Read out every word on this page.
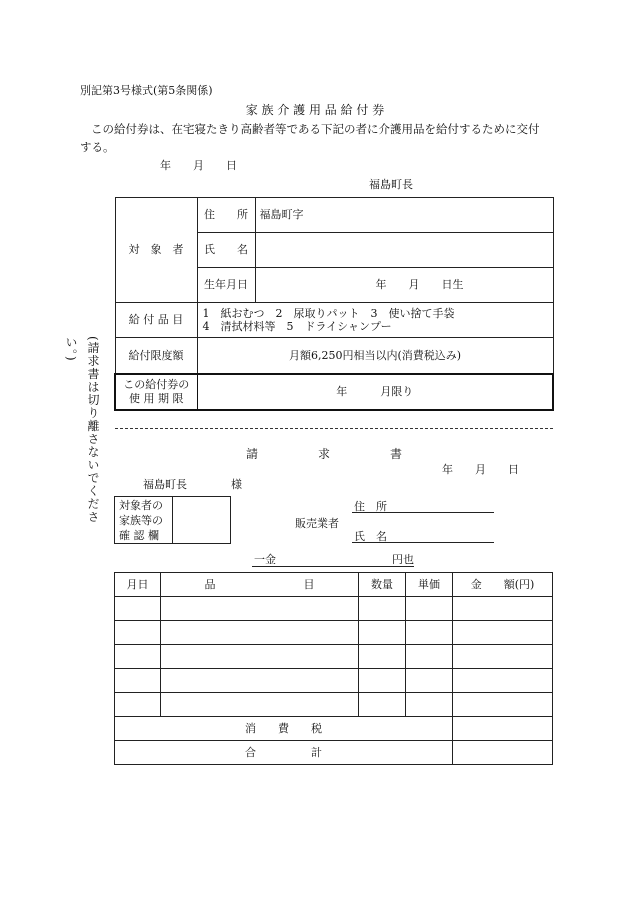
別記第3号様式(第5条関係)
家 族 介 護 用 品 給 付 券
この給付券は、在宅寝たきり高齢者等である下記の者に介護用品を給付するために交付
する。
年　　月　　日
福島町長
対　象　者	住　　所	福島町字
	氏　　名	
	生年月日	年　　月　　日生
給 付 品 目	1　紙おむつ　2　尿取りパット　3　使い捨て手袋
4　清拭材料等　5　ドライシャンプー	

給付限度額	月額6,250円相当以内(消費税込み)	

この給付券の
使 用 期 限	年　　　月限り	
(請求書は切り離さないでください。)
請　　　　　求　　　　　書
年　　月　　日
福島町長　　　　様
対象者の
家族等の
確 認 欄

販売業者
住　所
氏　名
一金	円也
月日	品　　　　　　　　目	数量	単価	金　　額(円)

消　　費　　税				
合　　　　　計				
